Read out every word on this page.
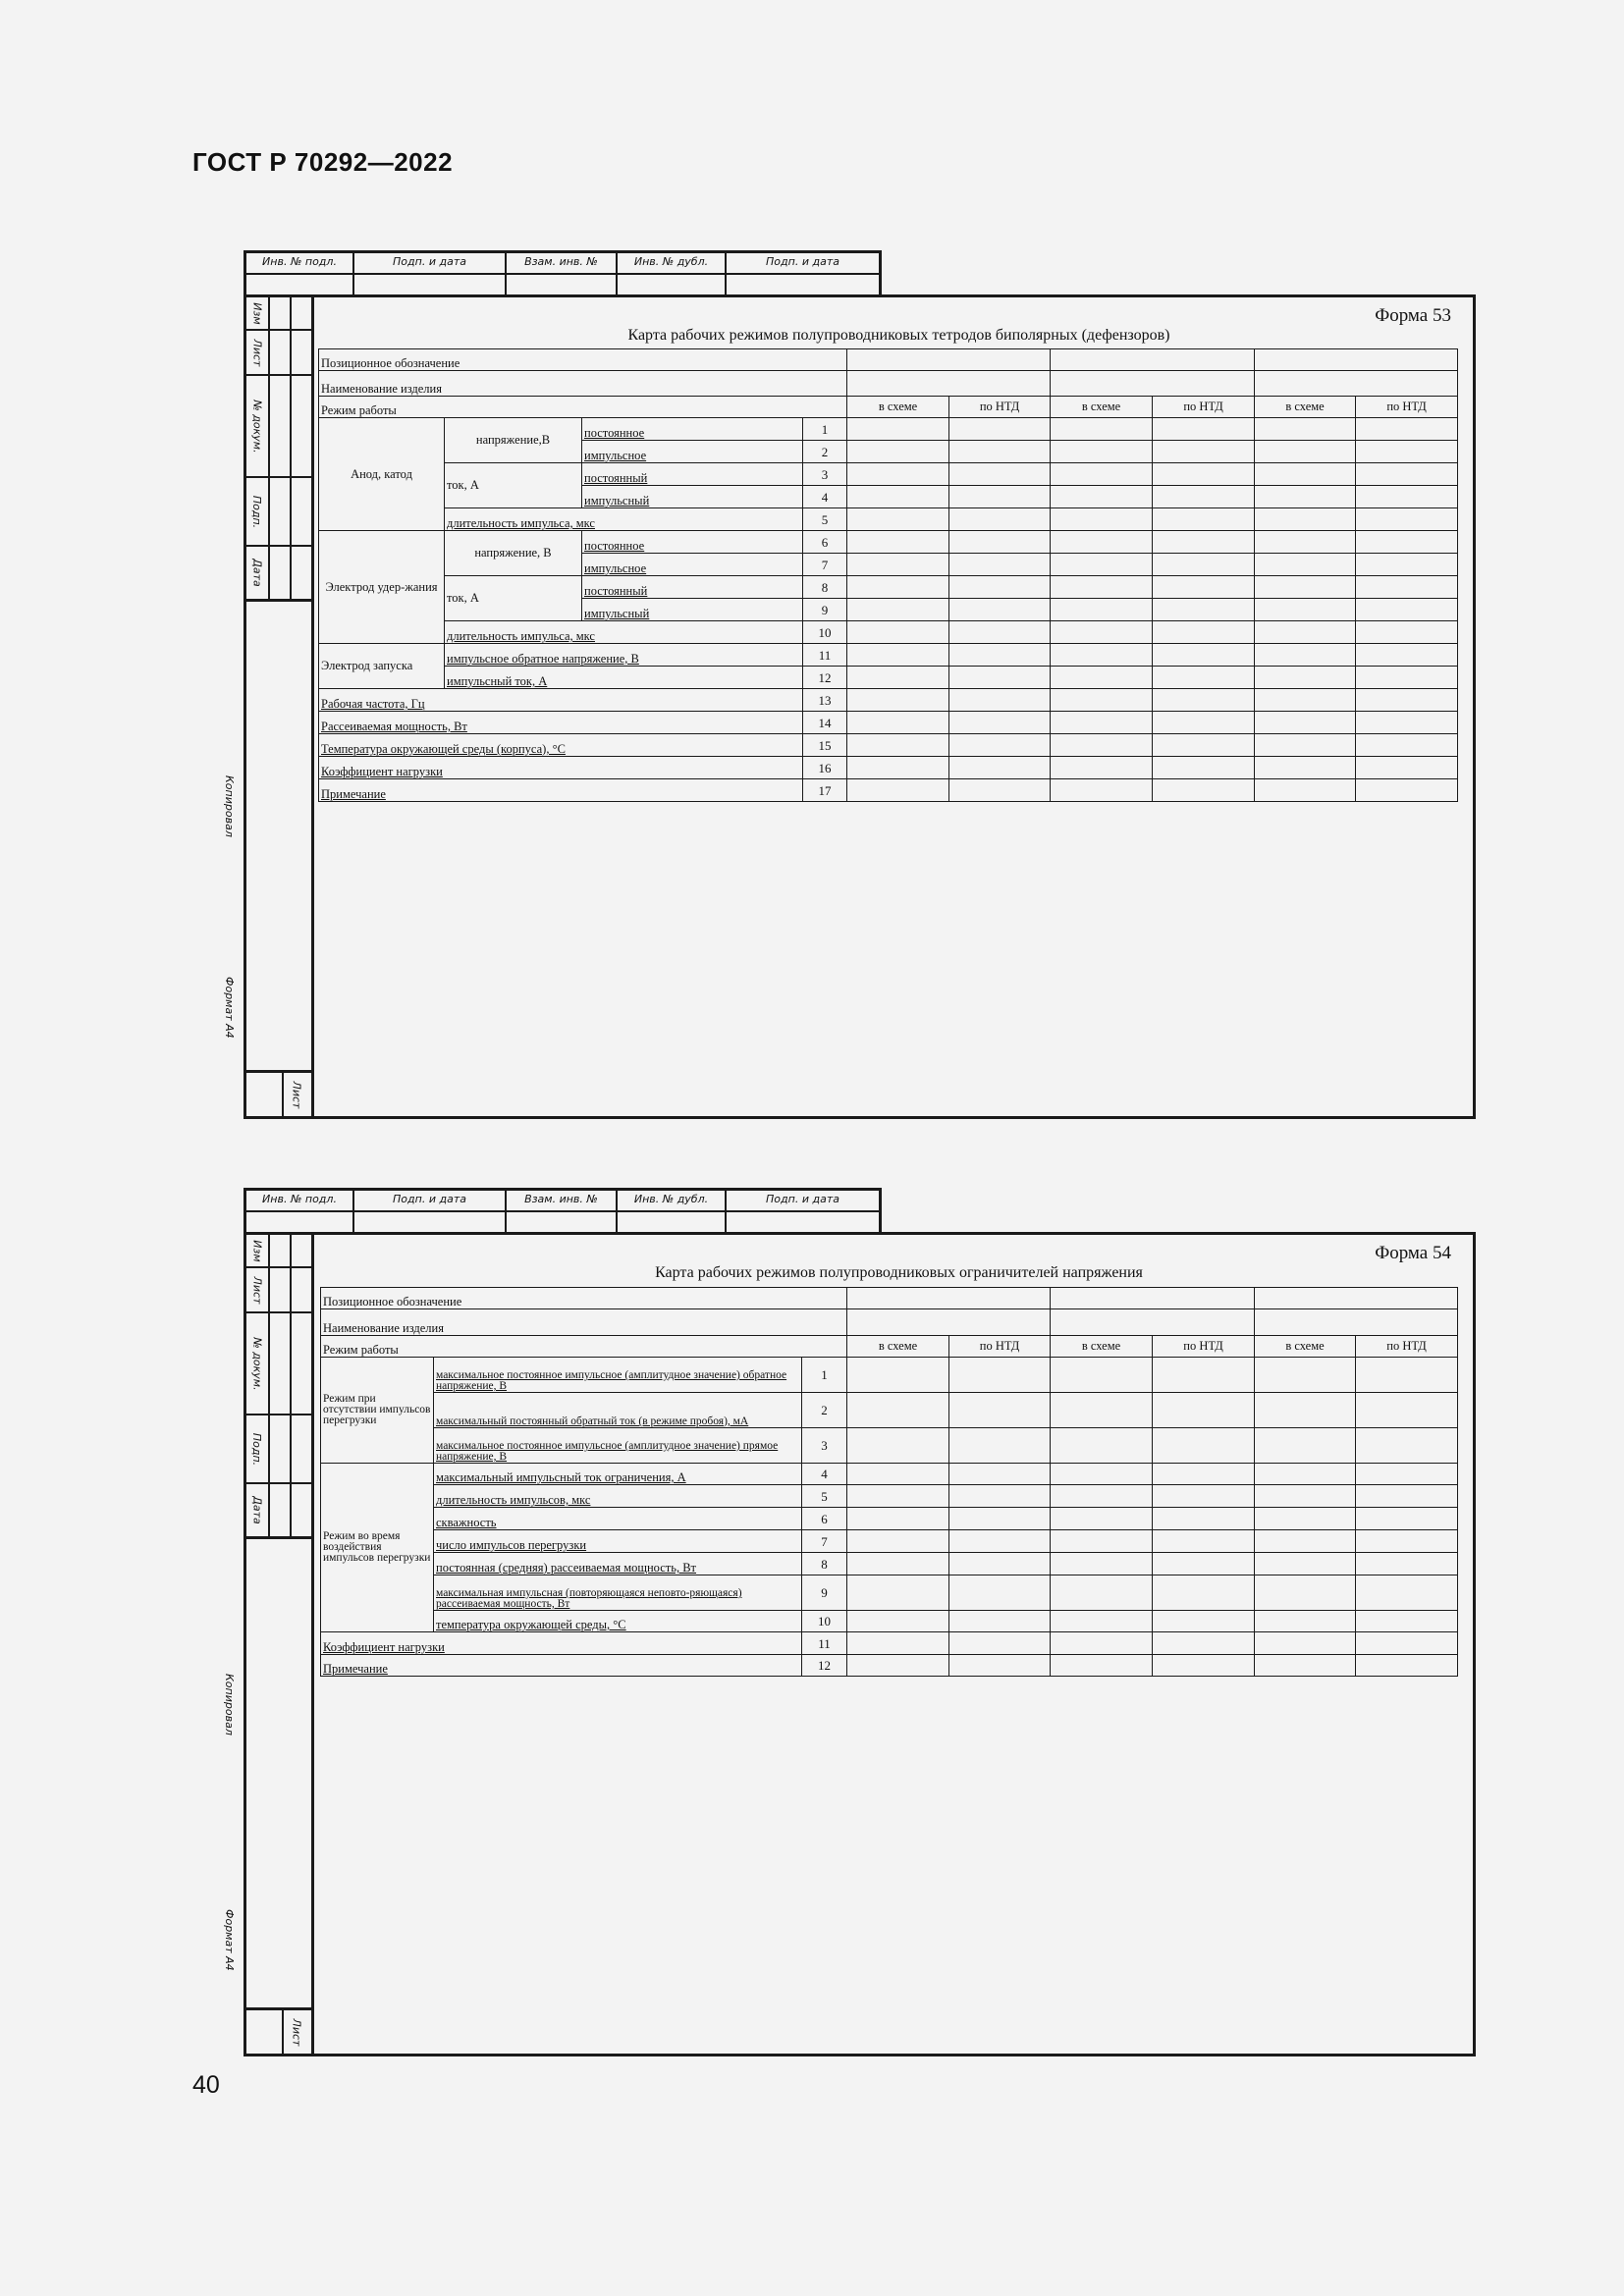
ГОСТ Р 70292—2022
Инв. № подл.	Подп. и дата	Взам. инв. №	Инв. № дубл.	Подп. и дата
Копировал
Формат А4
Изм
Лист
№ докум.
Подп.
Дата
Лист
Форма 53
Карта рабочих режимов полупроводниковых тетродов биполярных (дефензоров)
Позиционное обозначение									
Наименование изделия									
Режим работы				в схеме	по НТД	в схеме	по НТД	в схеме	по НТД
Анод, катод	напряжение,В	постоянное	1						
		импульсное	2						
	ток, А	постоянный	3						
		импульсный	4						
	длительность импульса, мкс		5						
Электрод удер-жания	напряжение, В	постоянное	6						
		импульсное	7						
	ток, А	постоянный	8						
		импульсный	9						
	длительность импульса, мкс		10						
Электрод запуска	импульсное обратное напряжение, В		11						
	импульсный ток, А		12						
Рабочая частота, Гц			13						
Рассеиваемая мощность, Вт			14						
Температура окружающей среды (корпуса), °С			15						
Коэффициент нагрузки			16						
Примечание			17						
Инв. № подл.	Подп. и дата	Взам. инв. №	Инв. № дубл.	Подп. и дата
Копировал
Формат А4
Изм
Лист
№ докум.
Подп.
Дата
Лист
Форма 54
Карта рабочих режимов полупроводниковых ограничителей напряжения
Позиционное обозначение								
Наименование изделия								
Режим работы			в схеме	по НТД	в схеме	по НТД	в схеме	по НТД
Режим при отсутствии импульсов перегрузки	максимальное постоянное импульсное (амплитудное значение) обратное напряжение, В	1						
	максимальный постоянный обратный ток (в режиме пробоя), мА	2						
	максимальное постоянное импульсное (амплитудное значение) прямое напряжение, В	3						
Режим во время воздействия импульсов перегрузки	максимальный импульсный ток ограничения, А	4						
	длительность импульсов, мкс	5						
	скважность	6						
	число импульсов перегрузки	7						
	постоянная (средняя) рассеиваемая мощность, Вт	8						
	максимальная импульсная (повторяющаяся неповто-ряющаяся) рассеиваемая мощность, Вт	9						
	температура окружающей среды, °С	10						
Коэффициент нагрузки		11						
Примечание		12						
40
